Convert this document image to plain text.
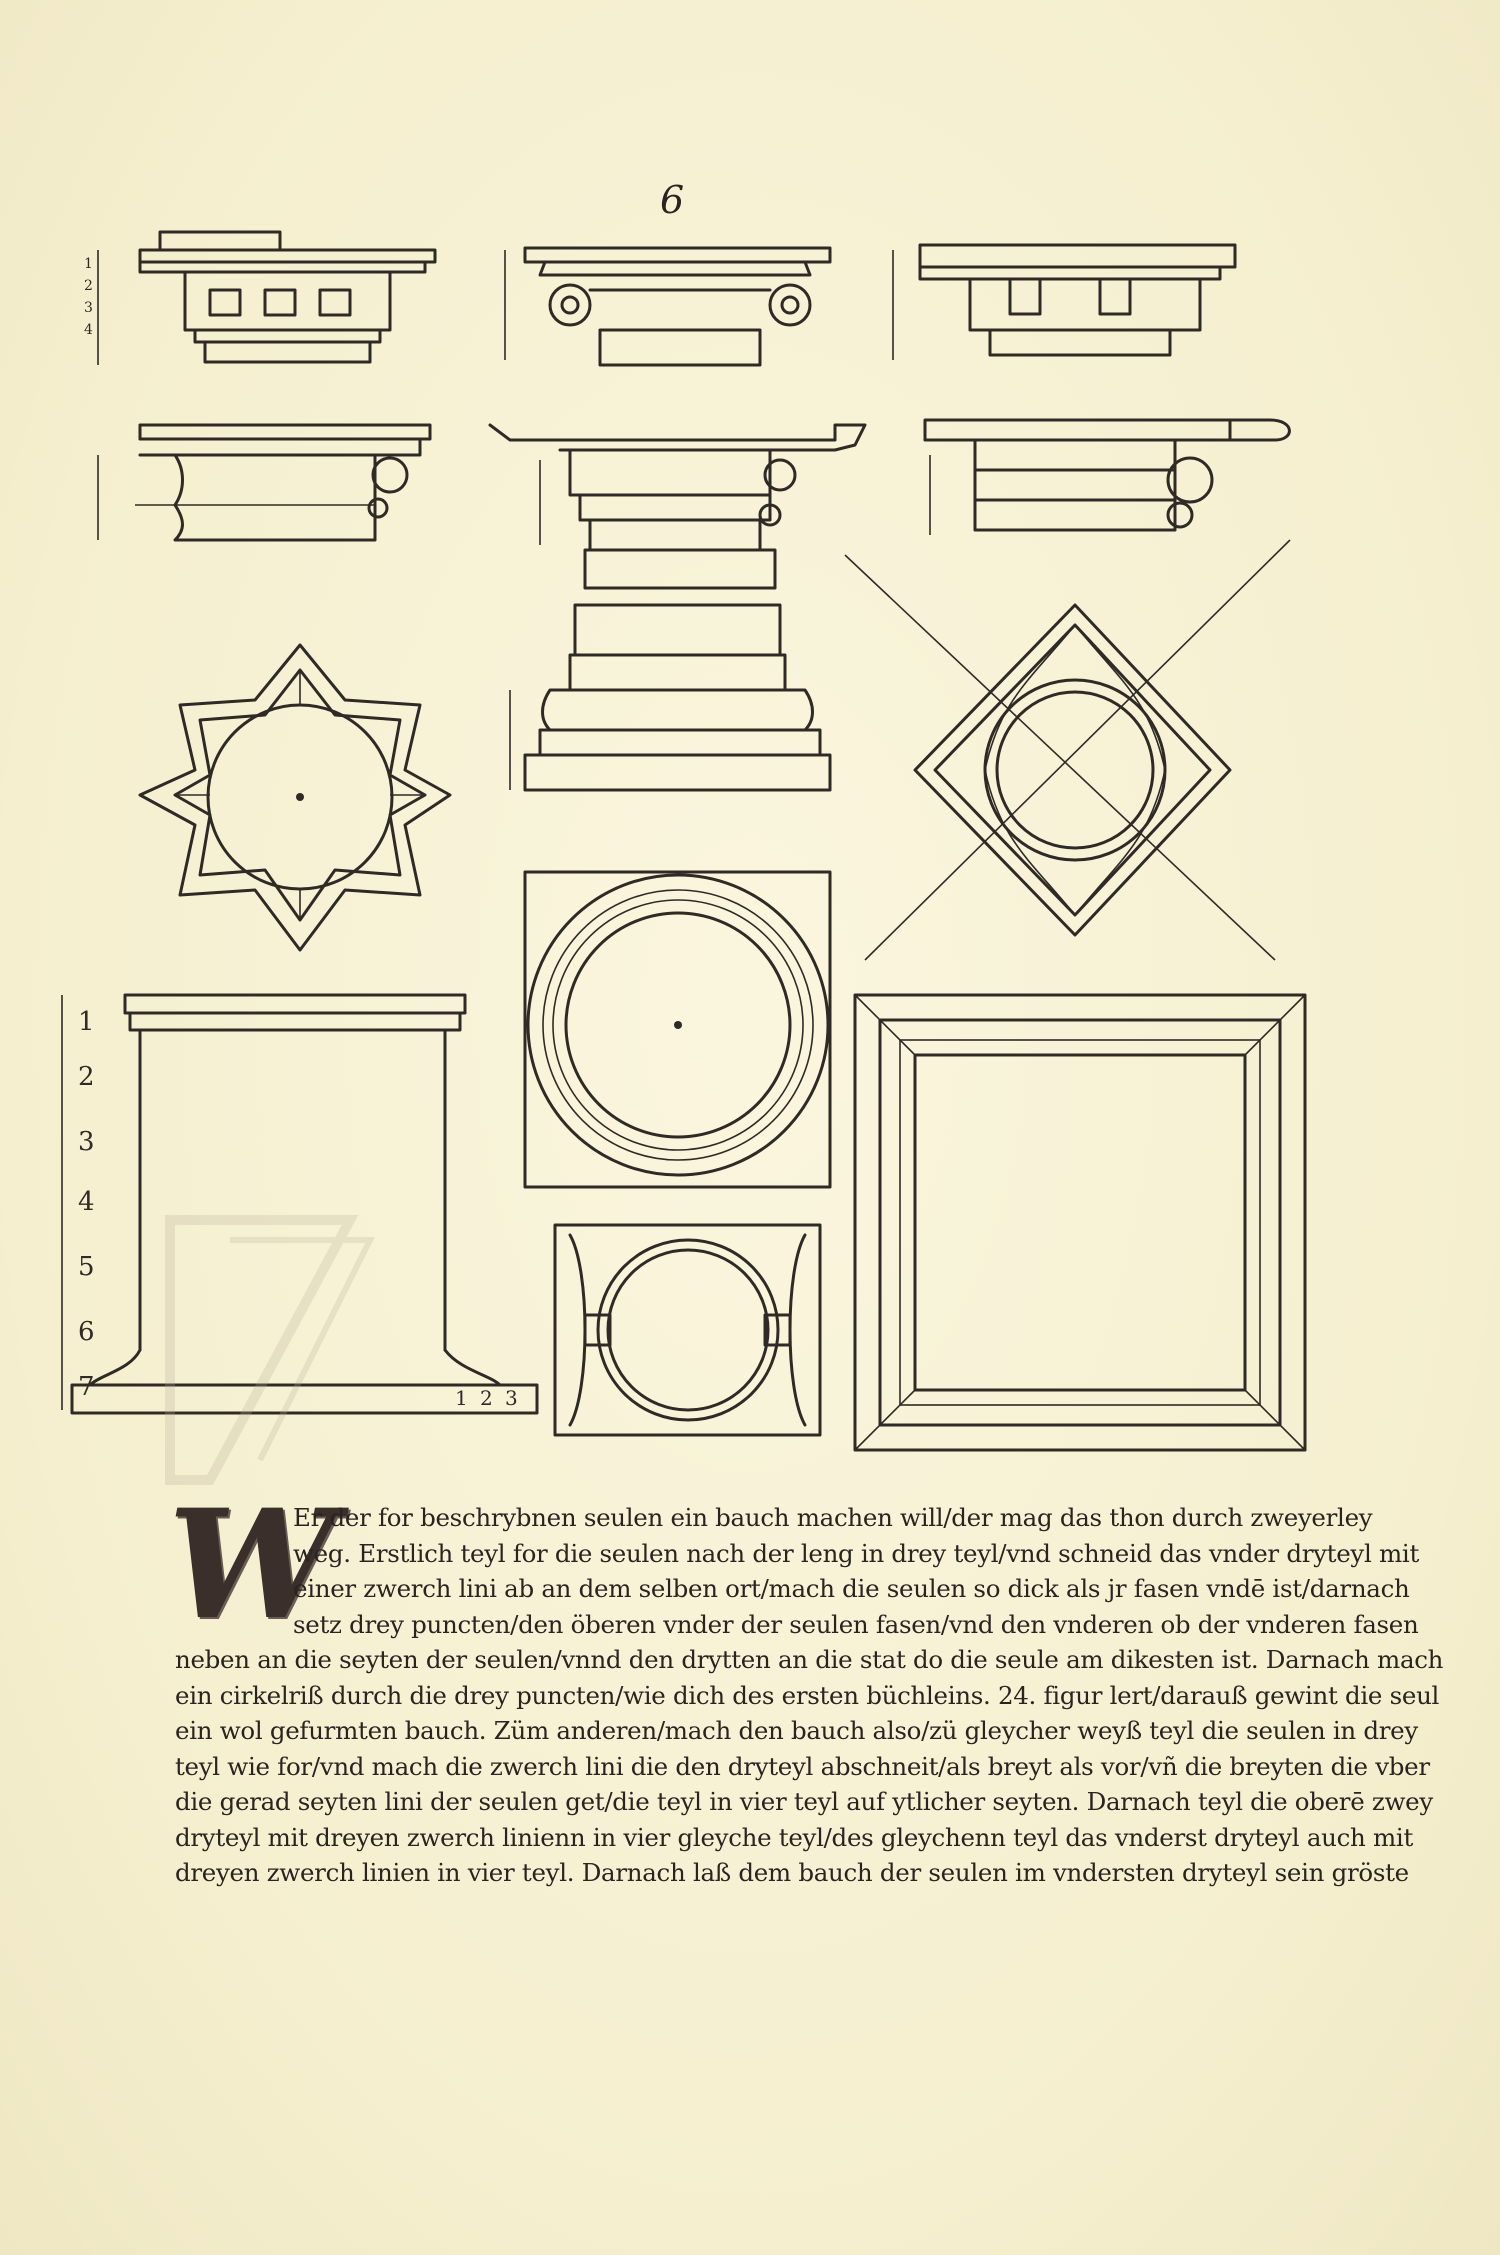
6
1
2
3
4
1
2
3
4
5
6
7	1 2 3
W
Er der for beschrybnen seulen ein bauch machen will/der mag das thon durch zweyerley
weg. Erstlich teyl for die seulen nach der leng in drey teyl/vnd schneid das vnder dryteyl mit
einer zwerch lini ab an dem selben ort/mach die seulen so dick als jr fasen vndē ist/darnach
setz drey puncten/den öberen vnder der seulen fasen/vnd den vnderen ob der vnderen fasen
neben an die seyten der seulen/vnnd den drytten an die stat do die seule am dikesten ist. Darnach mach
ein cirkelriß durch die drey puncten/wie dich des ersten büchleins. 24. figur lert/darauß gewint die seul
ein wol gefurmten bauch. Züm anderen/mach den bauch also/zü gleycher weyß teyl die seulen in drey
teyl wie for/vnd mach die zwerch lini die den dryteyl abschneit/als breyt als vor/vñ die breyten die vber
die gerad seyten lini der seulen get/die teyl in vier teyl auf ytlicher seyten. Darnach teyl die oberē zwey
dryteyl mit dreyen zwerch linienn in vier gleyche teyl/des gleychenn teyl das vnderst dryteyl auch mit
dreyen zwerch linien in vier teyl. Darnach laß dem bauch der seulen im vndersten dryteyl sein gröste
